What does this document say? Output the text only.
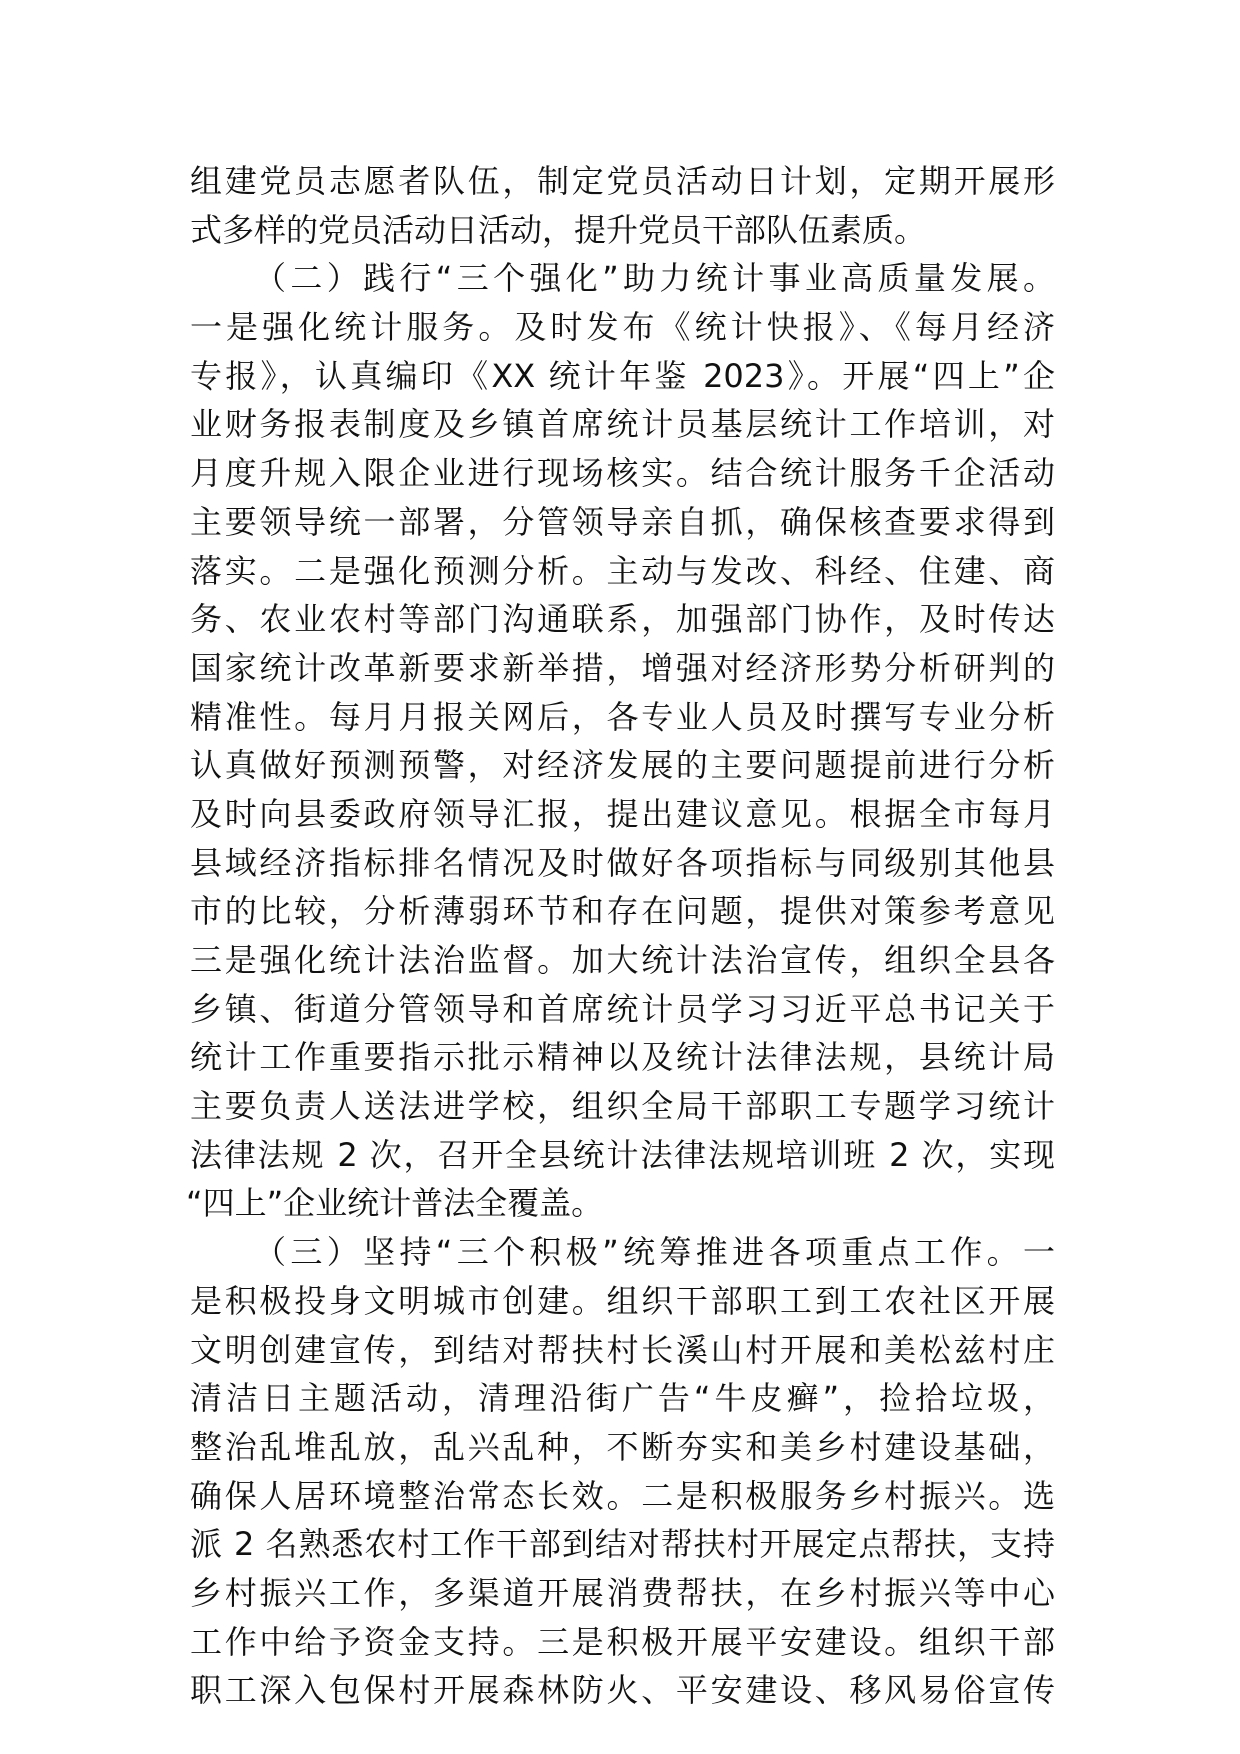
组建党员志愿者队伍，制定党员活动日计划，定期开展形
式多样的党员活动日活动，提升党员干部队伍素质。
（二）践行“三个强化”助力统计事业高质量发展。
一是强化统计服务。及时发布《统计快报》、《每月经济
专报》，认真编印《XX 统计年鉴 2023》。开展“四上”企
业财务报表制度及乡镇首席统计员基层统计工作培训，对
月度升规入限企业进行现场核实。结合统计服务千企活动
主要领导统一部署，分管领导亲自抓，确保核查要求得到
落实。二是强化预测分析。主动与发改、科经、住建、商
务、农业农村等部门沟通联系，加强部门协作，及时传达
国家统计改革新要求新举措，增强对经济形势分析研判的
精准性。每月月报关网后，各专业人员及时撰写专业分析
认真做好预测预警，对经济发展的主要问题提前进行分析
及时向县委政府领导汇报，提出建议意见。根据全市每月
县域经济指标排名情况及时做好各项指标与同级别其他县
市的比较，分析薄弱环节和存在问题，提供对策参考意见
三是强化统计法治监督。加大统计法治宣传，组织全县各
乡镇、街道分管领导和首席统计员学习习近平总书记关于
统计工作重要指示批示精神以及统计法律法规，县统计局
主要负责人送法进学校，组织全局干部职工专题学习统计
法律法规 2 次，召开全县统计法律法规培训班 2 次，实现
“四上”企业统计普法全覆盖。
（三）坚持“三个积极”统筹推进各项重点工作。一
是积极投身文明城市创建。组织干部职工到工农社区开展
文明创建宣传，到结对帮扶村长溪山村开展和美松兹村庄
清洁日主题活动，清理沿街广告“牛皮癣”，捡拾垃圾，
整治乱堆乱放，乱兴乱种，不断夯实和美乡村建设基础，
确保人居环境整治常态长效。二是积极服务乡村振兴。选
派 2 名熟悉农村工作干部到结对帮扶村开展定点帮扶，支持
乡村振兴工作，多渠道开展消费帮扶，在乡村振兴等中心
工作中给予资金支持。三是积极开展平安建设。组织干部
职工深入包保村开展森林防火、平安建设、移风易俗宣传
